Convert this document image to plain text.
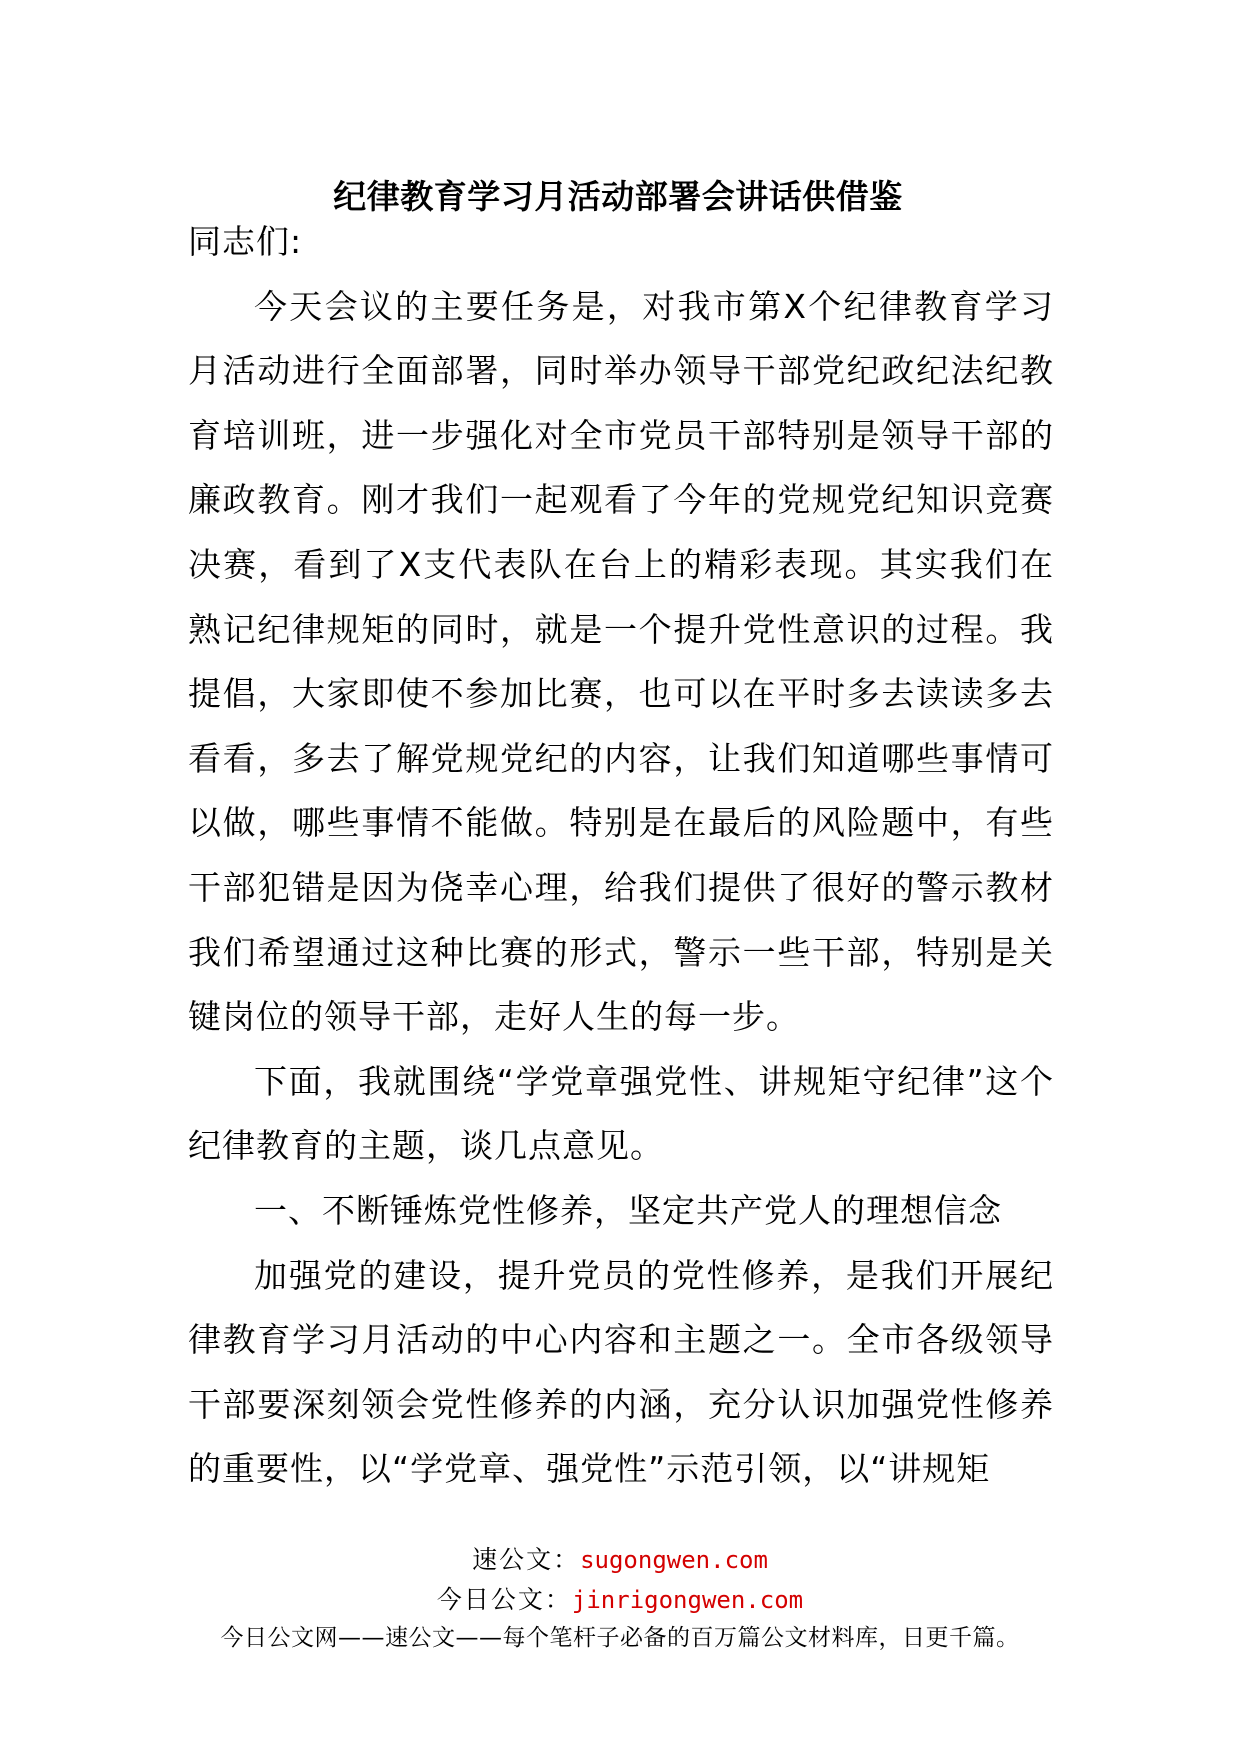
纪律教育学习月活动部署会讲话供借鉴

同志们:

今天会议的主要任务是，对我市第X个纪律教育学习月活动进行全面部署，同时举办领导干部党纪政纪法纪教育培训班，进一步强化对全市党员干部特别是领导干部的廉政教育。刚才我们一起观看了今年的党规党纪知识竞赛决赛，看到了X支代表队在台上的精彩表现。其实我们在熟记纪律规矩的同时，就是一个提升党性意识的过程。我提倡，大家即使不参加比赛，也可以在平时多去读读多去看看，多去了解党规党纪的内容，让我们知道哪些事情可以做，哪些事情不能做。特别是在最后的风险题中，有些干部犯错是因为侥幸心理，给我们提供了很好的警示教材我们希望通过这种比赛的形式，警示一些干部，特别是关键岗位的领导干部，走好人生的每一步。

下面，我就围绕“学党章强党性、讲规矩守纪律”这个纪律教育的主题，谈几点意见。

一、不断锤炼党性修养，坚定共产党人的理想信念

加强党的建设，提升党员的党性修养，是我们开展纪律教育学习月活动的中心内容和主题之一。全市各级领导干部要深刻领会党性修养的内涵，充分认识加强党性修养的重要性，以“学党章、强党性”示范引领，以“讲规矩

速公文：sugongwen.com
今日公文：jinrigongwen.com
今日公文网——速公文——每个笔杆子必备的百万篇公文材料库，日更千篇。
